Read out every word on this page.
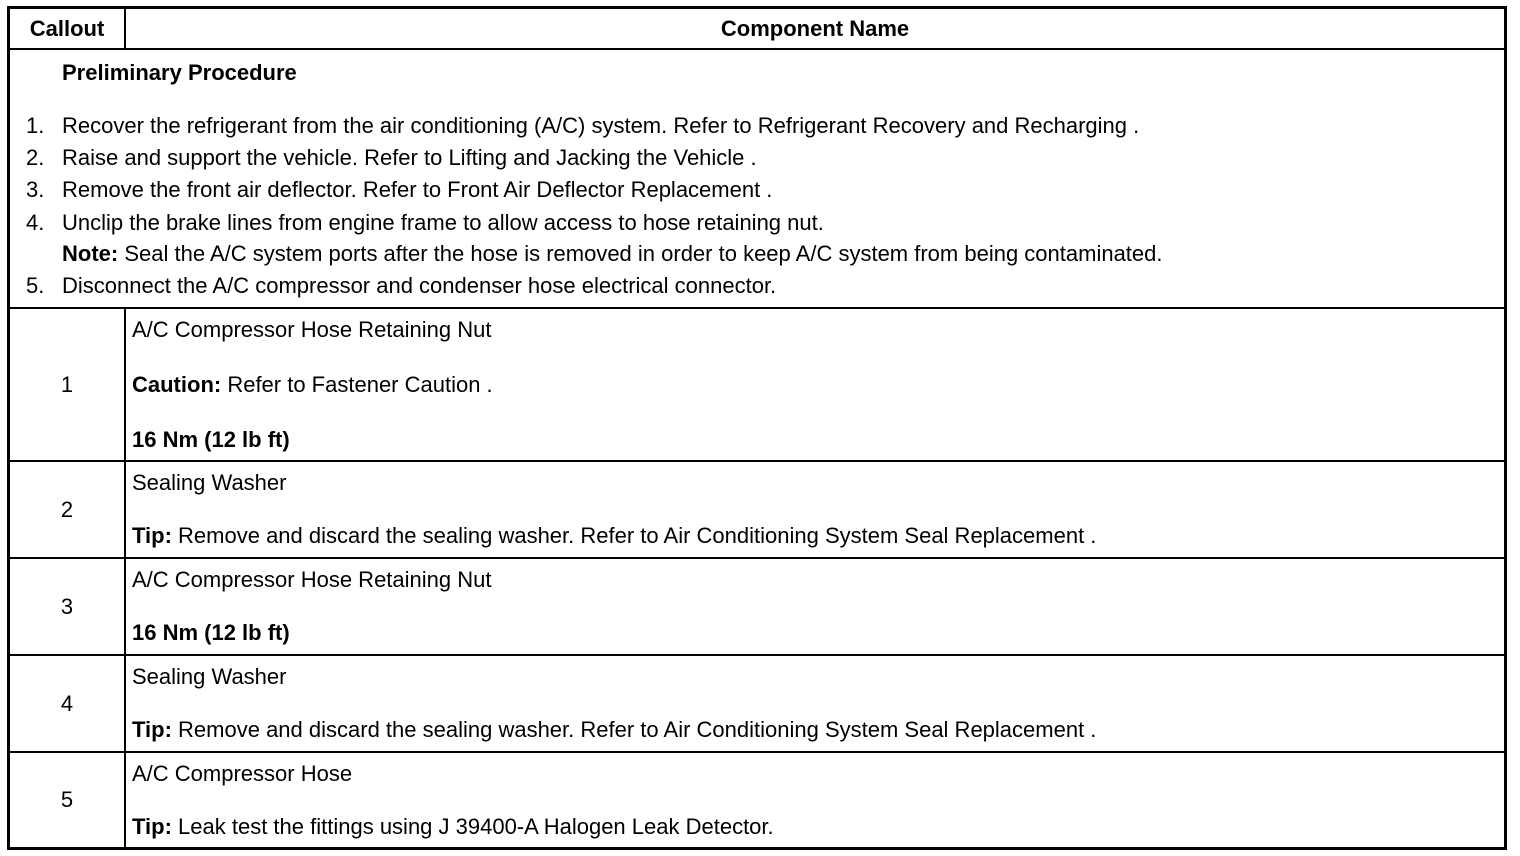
Callout	Component Name
Preliminary Procedure
1. Recover the refrigerant from the air conditioning (A/C) system. Refer to Refrigerant Recovery and Recharging .
2. Raise and support the vehicle. Refer to Lifting and Jacking the Vehicle .
3. Remove the front air deflector. Refer to Front Air Deflector Replacement .
4. Unclip the brake lines from engine frame to allow access to hose retaining nut.
Note: Seal the A/C system ports after the hose is removed in order to keep A/C system from being contaminated.
5. Disconnect the A/C compressor and condenser hose electrical connector.
1
A/C Compressor Hose Retaining Nut
Caution: Refer to Fastener Caution .
16 Nm (12 lb ft)
2
Sealing Washer
Tip: Remove and discard the sealing washer. Refer to Air Conditioning System Seal Replacement .
3
A/C Compressor Hose Retaining Nut
16 Nm (12 lb ft)
4
Sealing Washer
Tip: Remove and discard the sealing washer. Refer to Air Conditioning System Seal Replacement .
5
A/C Compressor Hose
Tip: Leak test the fittings using J 39400-A Halogen Leak Detector.
